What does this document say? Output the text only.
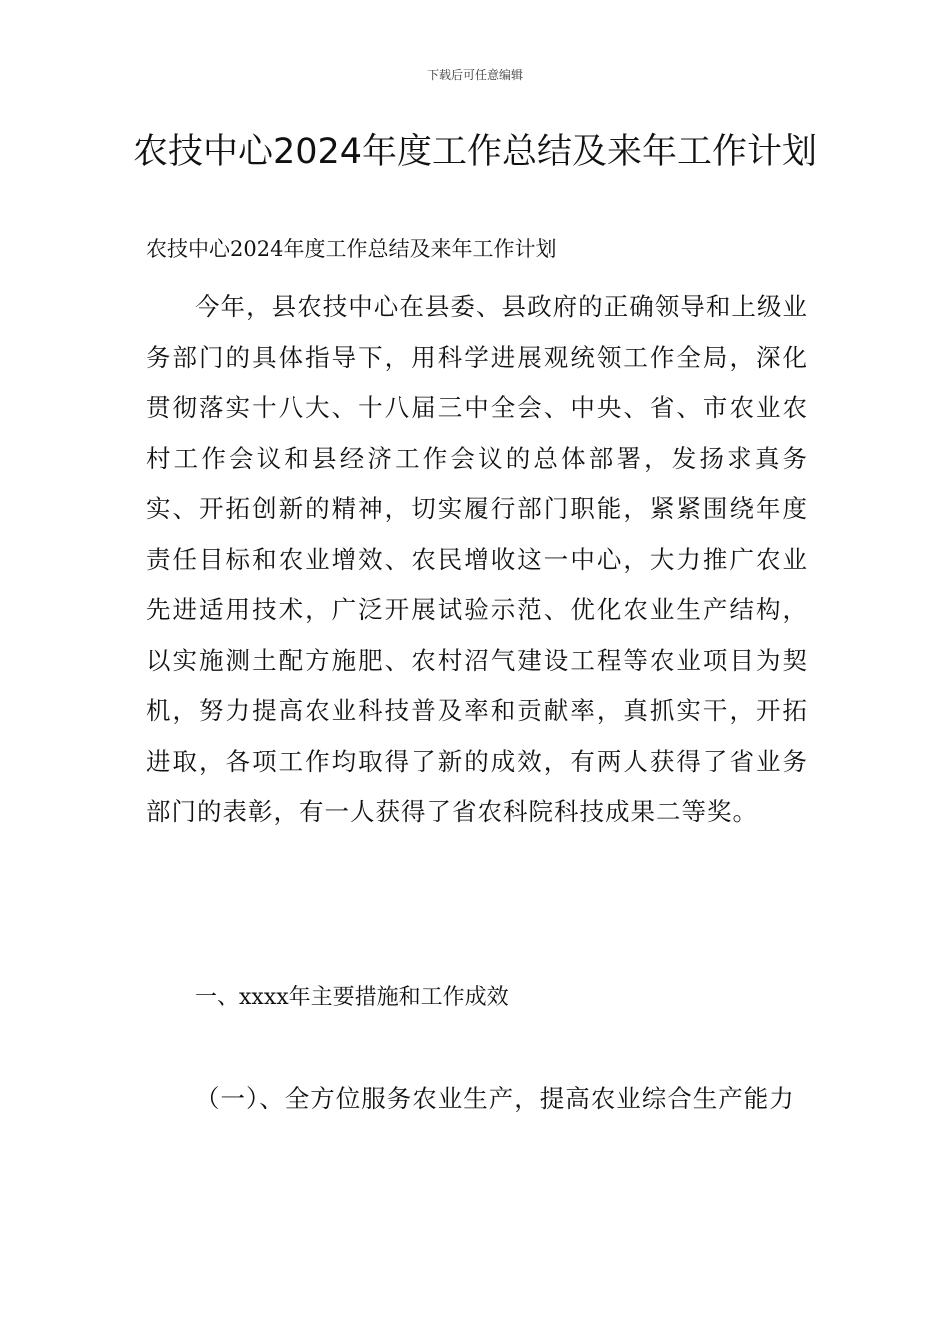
下载后可任意编辑
农技中心2024年度工作总结及来年工作计划

农技中心2024年度工作总结及来年工作计划

今年，县农技中心在县委、县政府的正确领导和上级业务部门的具体指导下，用科学进展观统领工作全局，深化贯彻落实十八大、十八届三中全会、中央、省、市农业农村工作会议和县经济工作会议的总体部署，发扬求真务实、开拓创新的精神，切实履行部门职能，紧紧围绕年度责任目标和农业增效、农民增收这一中心，大力推广农业先进适用技术，广泛开展试验示范、优化农业生产结构，以实施测土配方施肥、农村沼气建设工程等农业项目为契机，努力提高农业科技普及率和贡献率，真抓实干，开拓进取，各项工作均取得了新的成效，有两人获得了省业务部门的表彰，有一人获得了省农科院科技成果二等奖。

一、xxxx年主要措施和工作成效

（一）、全方位服务农业生产，提高农业综合生产能力
